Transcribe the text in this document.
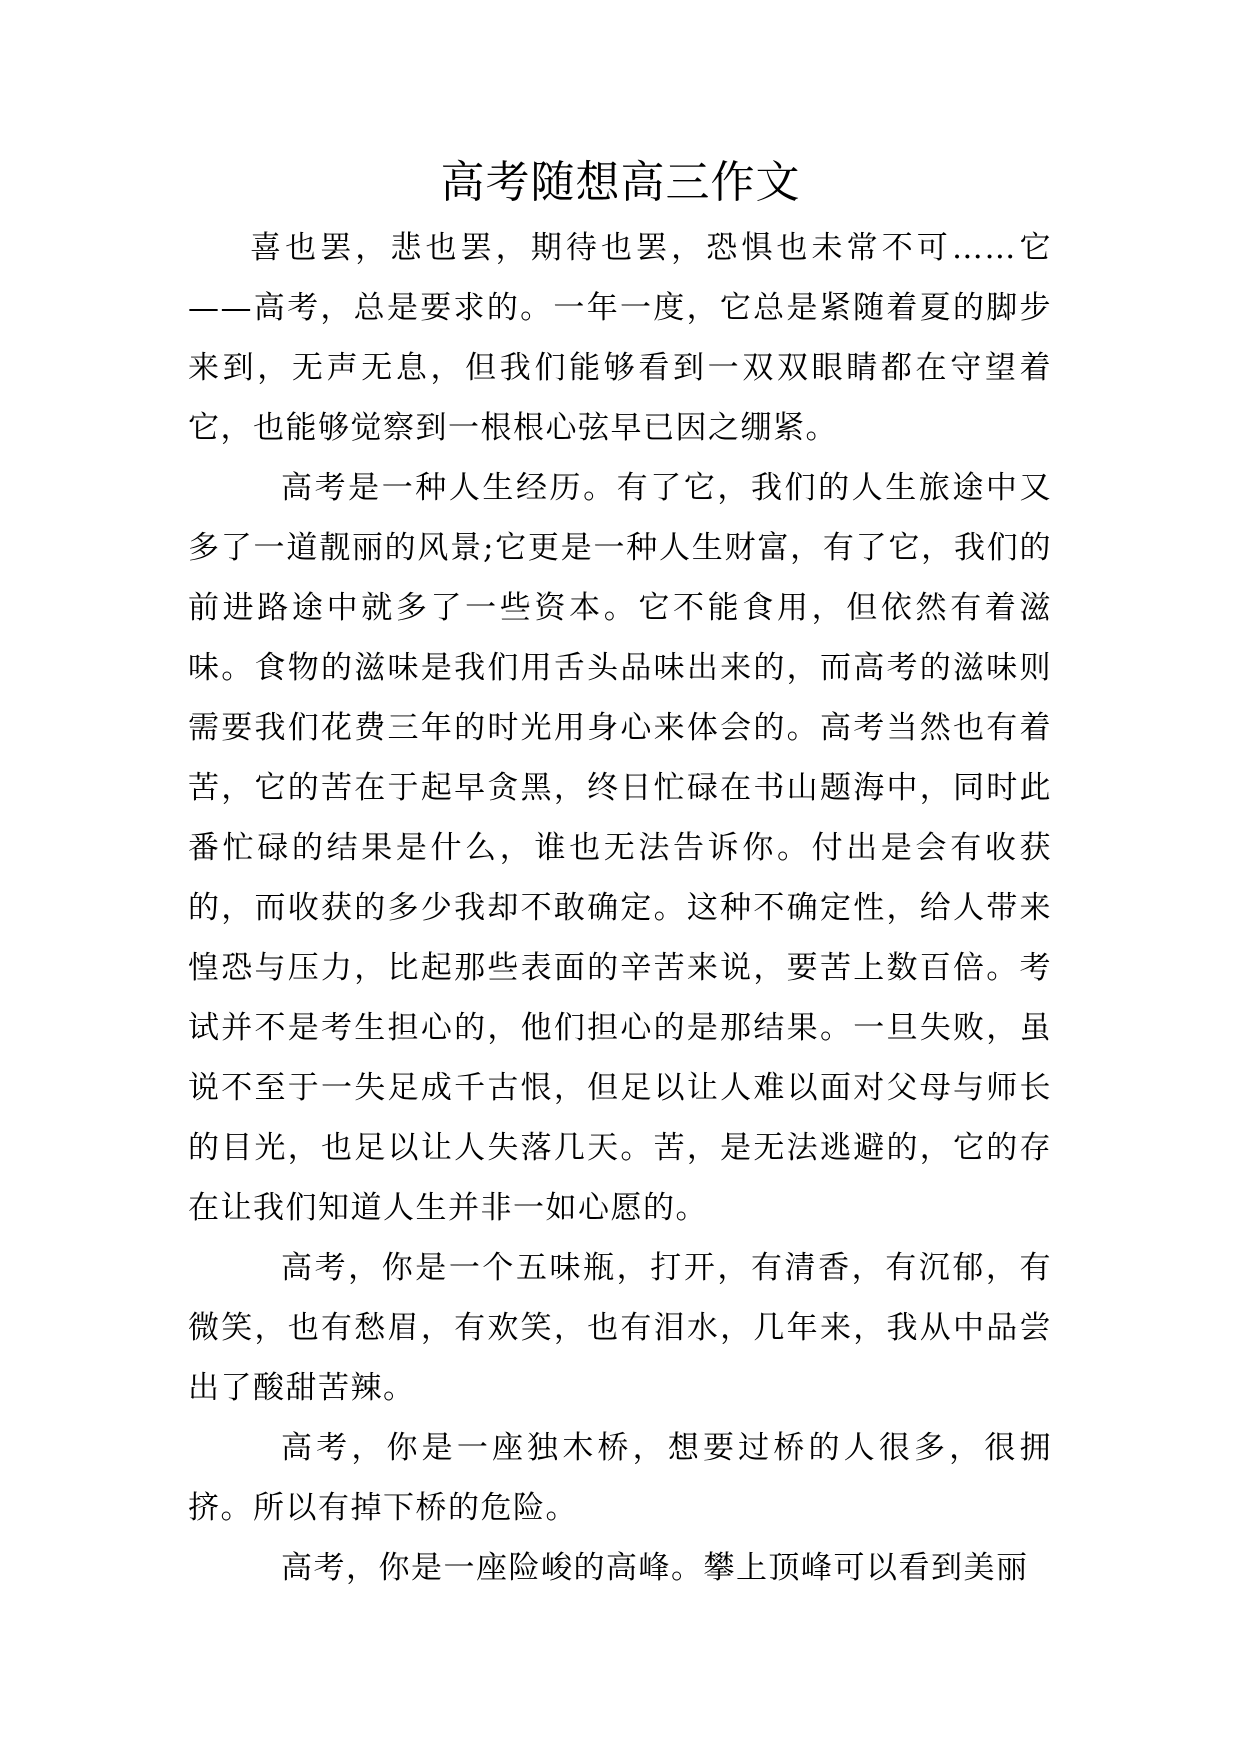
高考随想高三作文

喜也罢，悲也罢，期待也罢，恐惧也未常不可……它——高考，总是要求的。一年一度，它总是紧随着夏的脚步来到，无声无息，但我们能够看到一双双眼睛都在守望着它，也能够觉察到一根根心弦早已因之绷紧。

高考是一种人生经历。有了它，我们的人生旅途中又多了一道靓丽的风景;它更是一种人生财富，有了它，我们的前进路途中就多了一些资本。它不能食用，但依然有着滋味。食物的滋味是我们用舌头品味出来的，而高考的滋味则需要我们花费三年的时光用身心来体会的。高考当然也有着苦，它的苦在于起早贪黑，终日忙碌在书山题海中，同时此番忙碌的结果是什么，谁也无法告诉你。付出是会有收获的，而收获的多少我却不敢确定。这种不确定性，给人带来惶恐与压力，比起那些表面的辛苦来说，要苦上数百倍。考试并不是考生担心的，他们担心的是那结果。一旦失败，虽说不至于一失足成千古恨，但足以让人难以面对父母与师长的目光，也足以让人失落几天。苦，是无法逃避的，它的存在让我们知道人生并非一如心愿的。

高考，你是一个五味瓶，打开，有清香，有沉郁，有微笑，也有愁眉，有欢笑，也有泪水，几年来，我从中品尝出了酸甜苦辣。

高考，你是一座独木桥，想要过桥的人很多，很拥挤。所以有掉下桥的危险。

高考，你是一座险峻的高峰。攀上顶峰可以看到美丽
